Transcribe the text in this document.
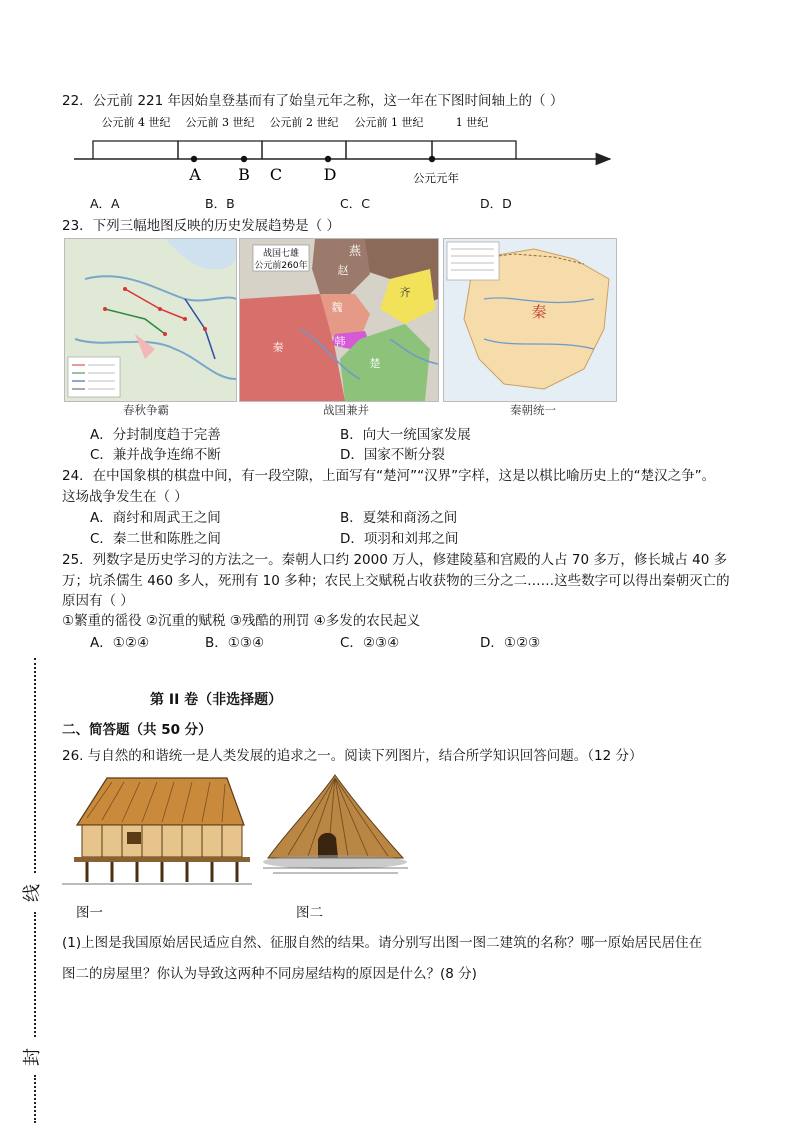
线
封
22．公元前 221 年因始皇登基而有了始皇元年之称，这一年在下图时间轴上的（ ）
公元前 4 世纪 公元前 3 世纪 公元前 2 世纪 公元前 1 世纪	1 世纪
A B C	D	公元元年
A．A	B．B	C．C	D．D
23．下列三幅地图反映的历史发展趋势是（ ）
春秋争霸
战国七雄
公元前260年
燕
赵
齐
魏
韩
秦
楚
战国兼并
秦
秦朝统一
A．分封制度趋于完善	B．向大一统国家发展
C．兼并战争连绵不断	D．国家不断分裂
24．在中国象棋的棋盘中间，有一段空隙，上面写有“楚河”“汉界”字样，这是以棋比喻历史上的“楚汉之争”。
这场战争发生在（ ）
A．商纣和周武王之间	B．夏桀和商汤之间
C．秦二世和陈胜之间	D．项羽和刘邦之间
25．列数字是历史学习的方法之一。秦朝人口约 2000 万人，修建陵墓和宫殿的人占 70 多万，修长城占 40 多
万；坑杀儒生 460 多人，死刑有 10 多种；农民上交赋税占收获物的三分之二……这些数字可以得出秦朝灭亡的
原因有（ ）
①繁重的徭役 ②沉重的赋税 ③残酷的刑罚 ④多发的农民起义
A．①②④	B．①③④	C．②③④	D．①②③
第 II 卷（非选择题）
二、简答题（共 50 分）
26. 与自然的和谐统一是人类发展的追求之一。阅读下列图片，结合所学知识回答问题。（12 分）
图一	图二
(1)上图是我国原始居民适应自然、征服自然的结果。请分别写出图一图二建筑的名称？哪一原始居民居住在
图二的房屋里？你认为导致这两种不同房屋结构的原因是什么？(8 分)
